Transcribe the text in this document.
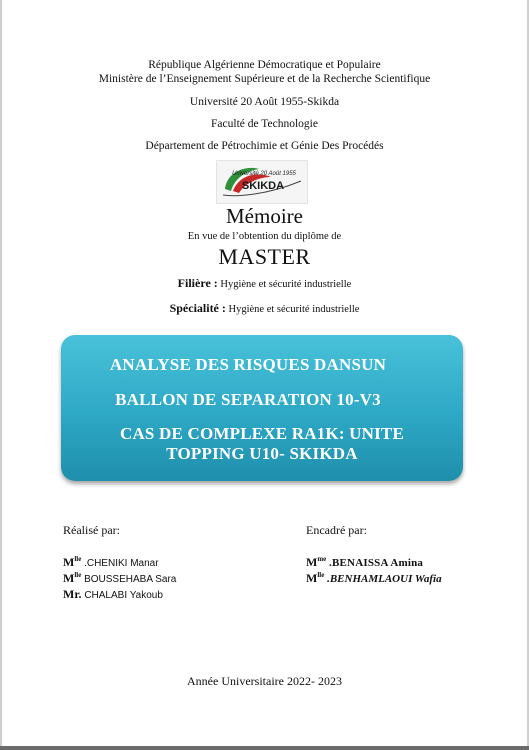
République Algérienne Démocratique et Populaire
Ministère de l’Enseignement Supérieure et de la Recherche Scientifique
Université 20 Août 1955-Skikda
Faculté de Technologie
Département de Pétrochimie et Génie Des Procédés
Université 20 Août 1955
SKIKDA
Mémoire
En vue de l’obtention du diplôme de
MASTER
Filière : Hygiène et sécurité industrielle
Spécialité : Hygiène et sécurité industrielle
ANALYSE DES RISQUES DANSUN
BALLON DE SEPARATION 10-V3
CAS DE COMPLEXE RA1K: UNITE
TOPPING U10- SKIKDA
Réalisé par:	Encadré par:
$M^{lle}$ .CHENIKI Manar
$M^{lle}$ BOUSSEHABA Sara
Mr. CHALABI Yakoub
$M^{me}$ .BENAISSA Amina
$M^{lle}$ .BENHAMLAOUI Wafia
Année Universitaire 2022- 2023
